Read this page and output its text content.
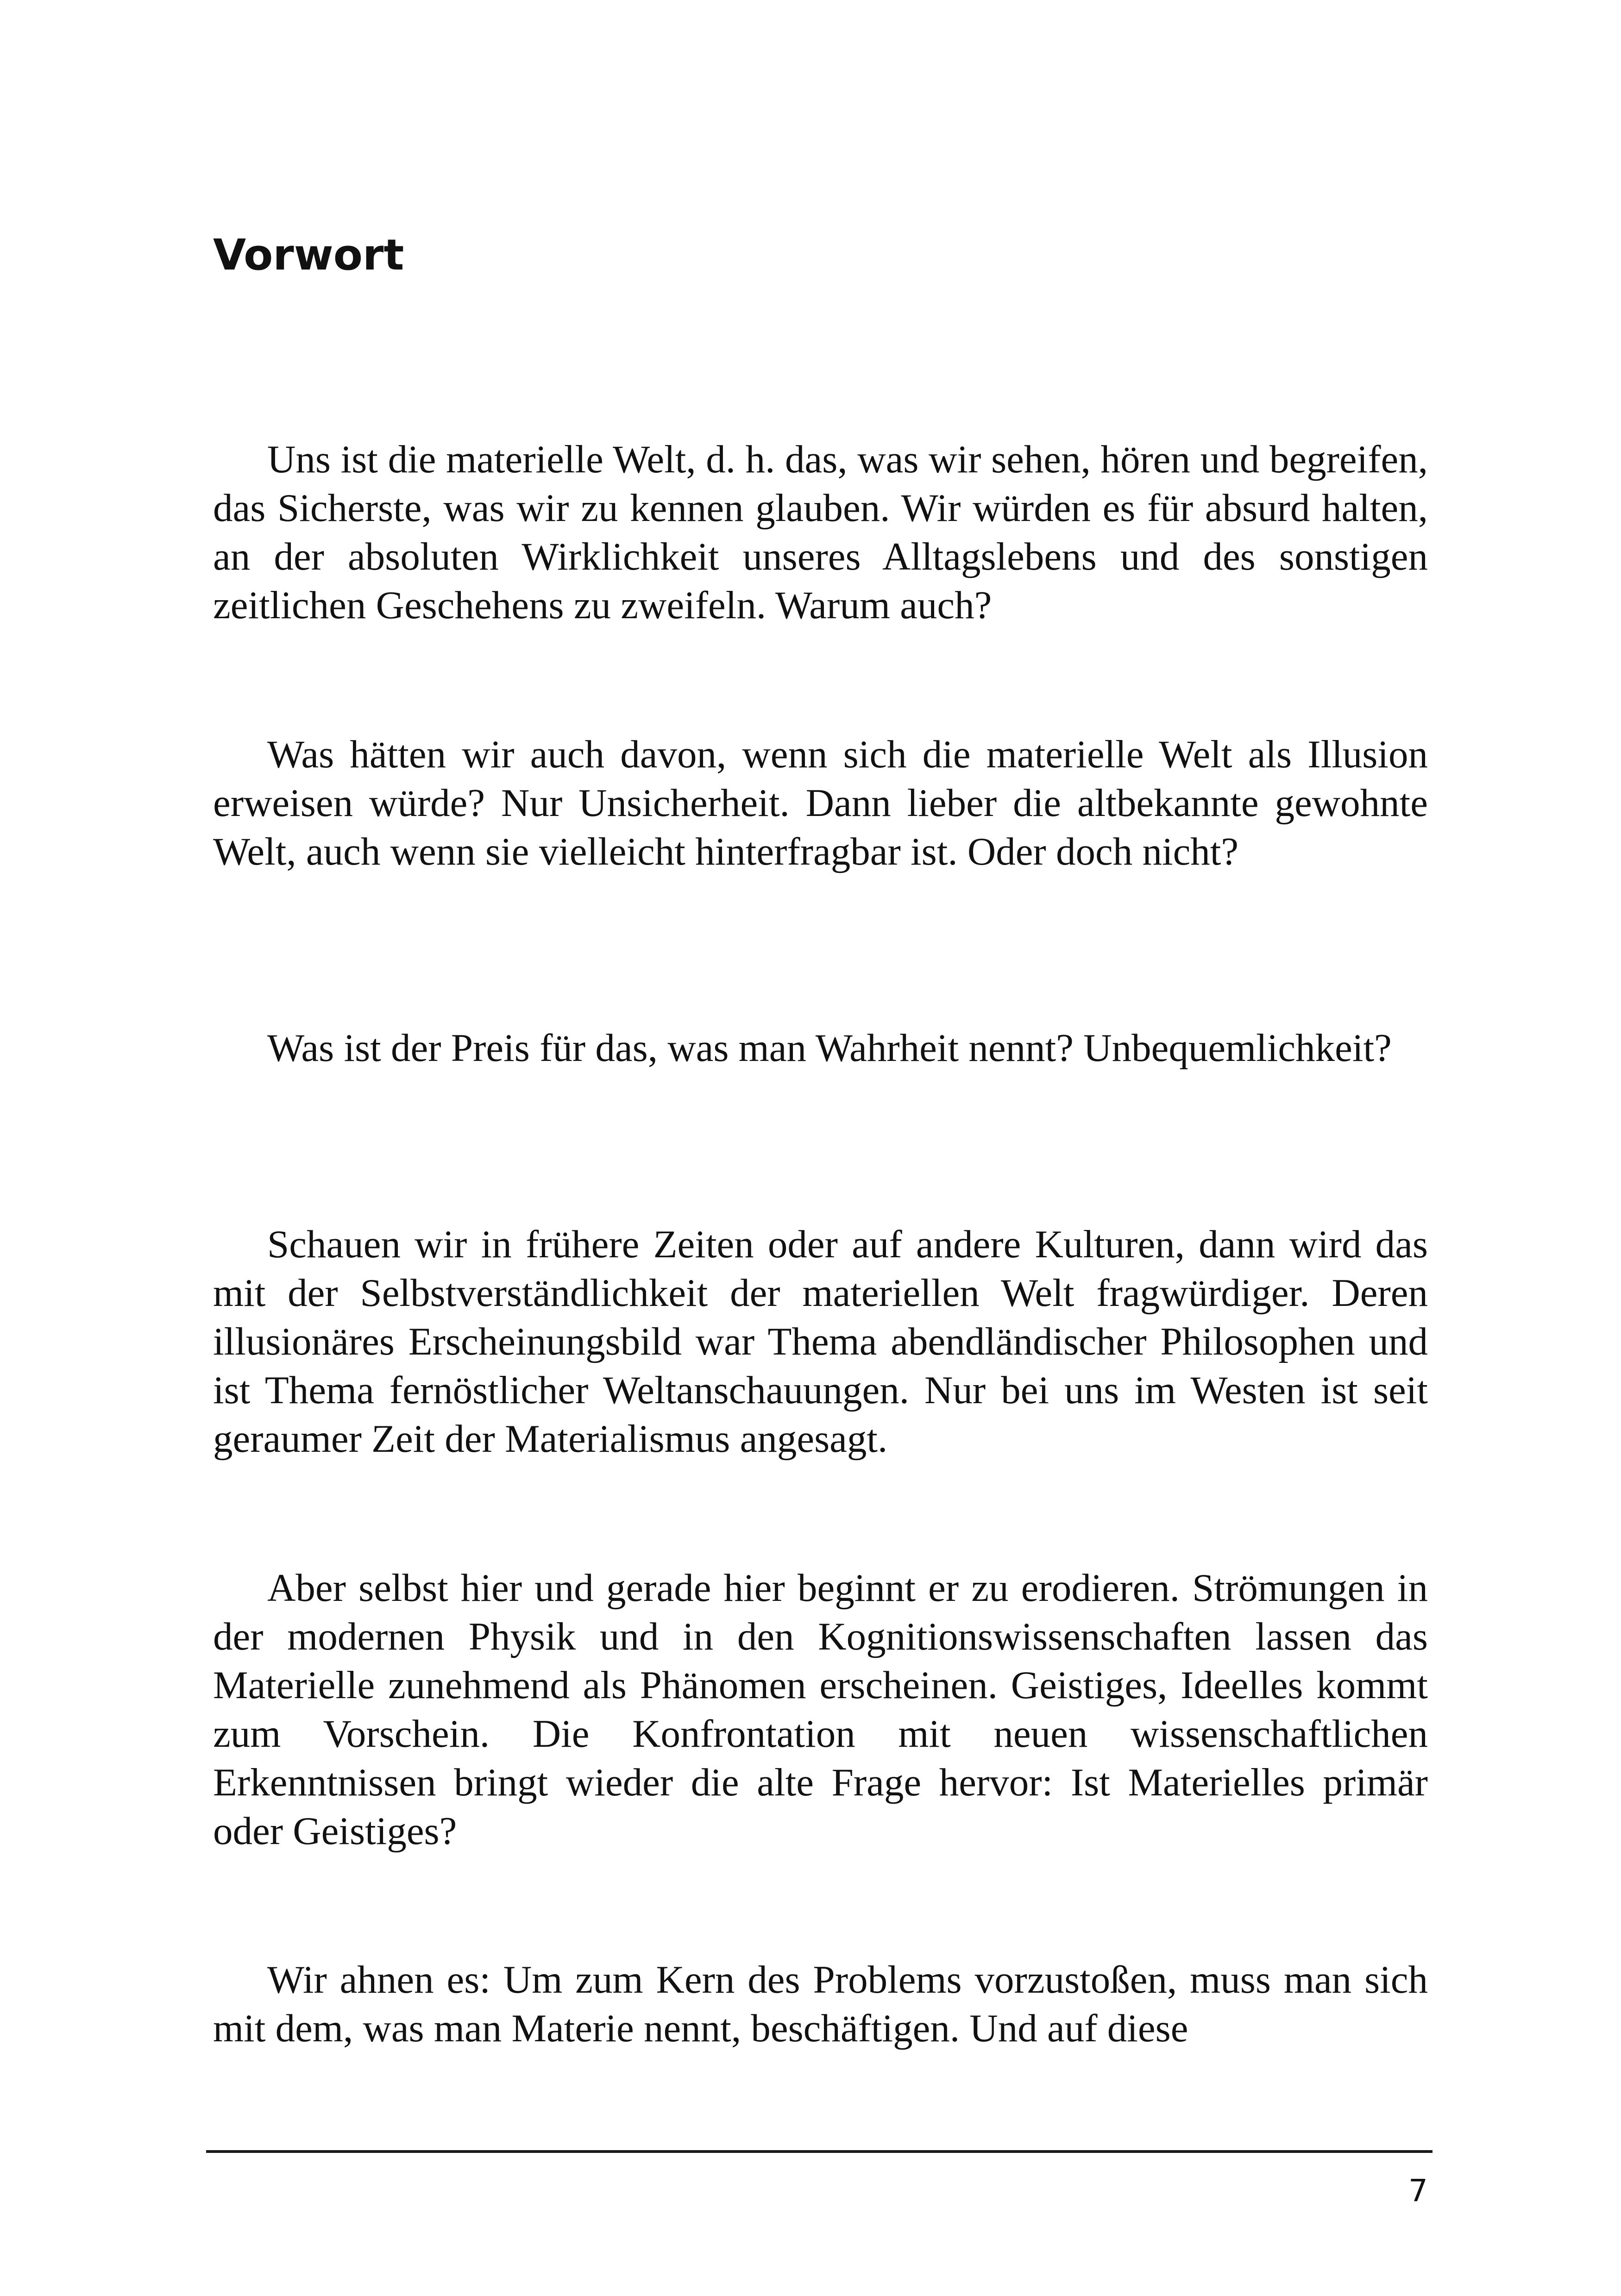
Vorwort

Uns ist die materielle Welt, d. h. das, was wir sehen, hören und begreifen, das Sicherste, was wir zu kennen glauben. Wir würden es für absurd halten, an der absoluten Wirklichkeit unseres Alltagslebens und des sonstigen zeitlichen Geschehens zu zweifeln. Warum auch?

Was hätten wir auch davon, wenn sich die materielle Welt als Illusion erweisen würde? Nur Unsicherheit. Dann lieber die altbekannte gewohnte Welt, auch wenn sie vielleicht hinterfragbar ist. Oder doch nicht?

Was ist der Preis für das, was man Wahrheit nennt? Unbequemlichkeit?

Schauen wir in frühere Zeiten oder auf andere Kulturen, dann wird das mit der Selbstverständlichkeit der materiellen Welt fragwürdiger. Deren illusionäres Erscheinungsbild war Thema abendländischer Philosophen und ist Thema fernöstlicher Weltanschauungen. Nur bei uns im Westen ist seit geraumer Zeit der Materialismus angesagt.

Aber selbst hier und gerade hier beginnt er zu erodieren. Strömungen in der modernen Physik und in den Kognitionswissenschaften lassen das Materielle zunehmend als Phänomen erscheinen. Geistiges, Ideelles kommt zum Vorschein. Die Konfrontation mit neuen wissenschaftlichen Erkenntnissen bringt wieder die alte Frage hervor: Ist Materielles primär oder Geistiges?

Wir ahnen es: Um zum Kern des Problems vorzustoßen, muss man sich mit dem, was man Materie nennt, beschäftigen. Und auf diese

7
